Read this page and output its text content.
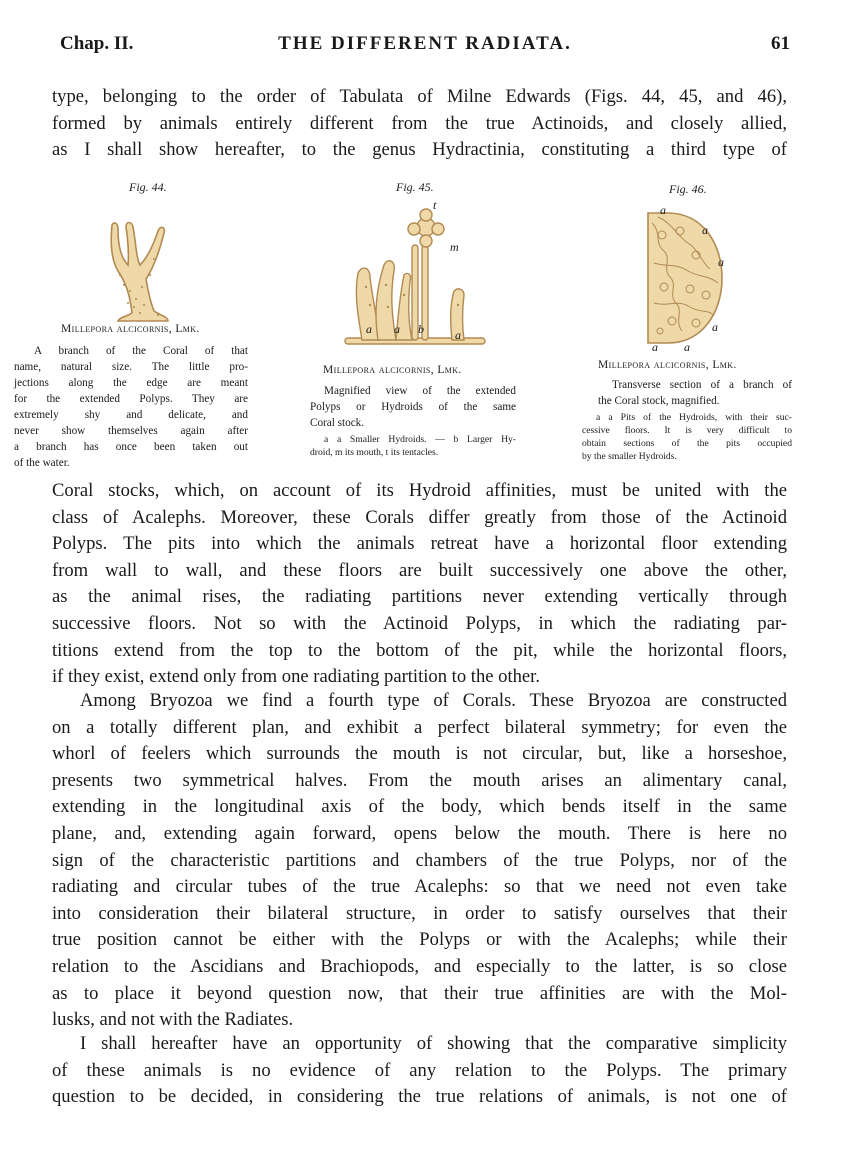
Chap. II.	THE DIFFERENT RADIATA.	61
type, belonging to the order of Tabulata of Milne Edwards (Figs. 44, 45, and 46),
formed by animals entirely different from the true Actinoids, and closely allied,
as I shall show hereafter, to the genus Hydractinia, constituting a third type of
Fig. 44.
Millepora alcicornis, Lmk.
A branch of the Coral of that
name, natural size. The little pro-
jections along the edge are meant
for the extended Polyps. They are
extremely shy and delicate, and
never show themselves again after
a branch has once been taken out
of the water.
Fig. 45.
t
m
a a b	a
Millepora alcicornis, Lmk.
Magnified view of the extended
Polyps or Hydroids of the same
Coral stock.
a a Smaller Hydroids. — b Larger Hy-
droid, m its mouth, t its tentacles.
Fig. 46.
a
a
a
a
a a
Millepora alcicornis, Lmk.
Transverse section of a branch of
the Coral stock, magnified.
a a Pits of the Hydroids, with their suc-
cessive floors. It is very difficult to
obtain sections of the pits occupied
by the smaller Hydroids.
Coral stocks, which, on account of its Hydroid affinities, must be united with the
class of Acalephs. Moreover, these Corals differ greatly from those of the Actinoid
Polyps. The pits into which the animals retreat have a horizontal floor extending
from wall to wall, and these floors are built successively one above the other,
as the animal rises, the radiating partitions never extending vertically through
successive floors. Not so with the Actinoid Polyps, in which the radiating par-
titions extend from the top to the bottom of the pit, while the horizontal floors,
if they exist, extend only from one radiating partition to the other.
Among Bryozoa we find a fourth type of Corals. These Bryozoa are constructed
on a totally different plan, and exhibit a perfect bilateral symmetry; for even the
whorl of feelers which surrounds the mouth is not circular, but, like a horseshoe,
presents two symmetrical halves. From the mouth arises an alimentary canal,
extending in the longitudinal axis of the body, which bends itself in the same
plane, and, extending again forward, opens below the mouth. There is here no
sign of the characteristic partitions and chambers of the true Polyps, nor of the
radiating and circular tubes of the true Acalephs: so that we need not even take
into consideration their bilateral structure, in order to satisfy ourselves that their
true position cannot be either with the Polyps or with the Acalephs; while their
relation to the Ascidians and Brachiopods, and especially to the latter, is so close
as to place it beyond question now, that their true affinities are with the Mol-
lusks, and not with the Radiates.
I shall hereafter have an opportunity of showing that the comparative simplicity
of these animals is no evidence of any relation to the Polyps. The primary
question to be decided, in considering the true relations of animals, is not one of
